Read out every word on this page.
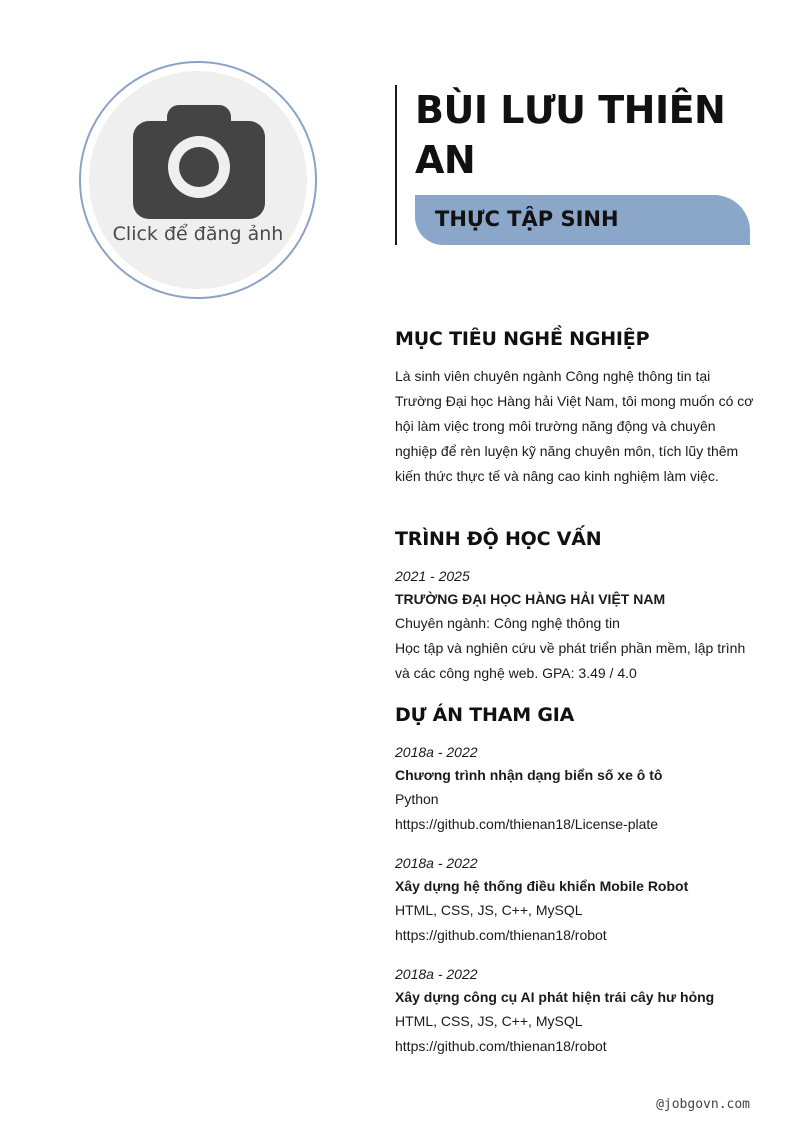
Click để đăng ảnh
BÙI LƯU THIÊN AN
THỰC TẬP SINH
MỤC TIÊU NGHỀ NGHIỆP
Là sinh viên chuyên ngành Công nghệ thông tin tại Trường Đại học Hàng hải Việt Nam, tôi mong muốn có cơ hội làm việc trong môi trường năng động và chuyên nghiệp để rèn luyện kỹ năng chuyên môn, tích lũy thêm kiến thức thực tế và nâng cao kinh nghiệm làm việc.
TRÌNH ĐỘ HỌC VẤN
2021 - 2025
TRƯỜNG ĐẠI HỌC HÀNG HẢI VIỆT NAM
Chuyên ngành: Công nghệ thông tin
Học tập và nghiên cứu về phát triển phần mềm, lập trình
và các công nghệ web. GPA: 3.49 / 4.0
DỰ ÁN THAM GIA
2018a - 2022
Chương trình nhận dạng biển số xe ô tô
Python
https://github.com/thienan18/License-plate
2018a - 2022
Xây dựng hệ thống điều khiển Mobile Robot
HTML, CSS, JS, C++, MySQL
https://github.com/thienan18/robot
2018a - 2022
Xây dựng công cụ AI phát hiện trái cây hư hỏng
HTML, CSS, JS, C++, MySQL
https://github.com/thienan18/robot
@jobgovn.com
